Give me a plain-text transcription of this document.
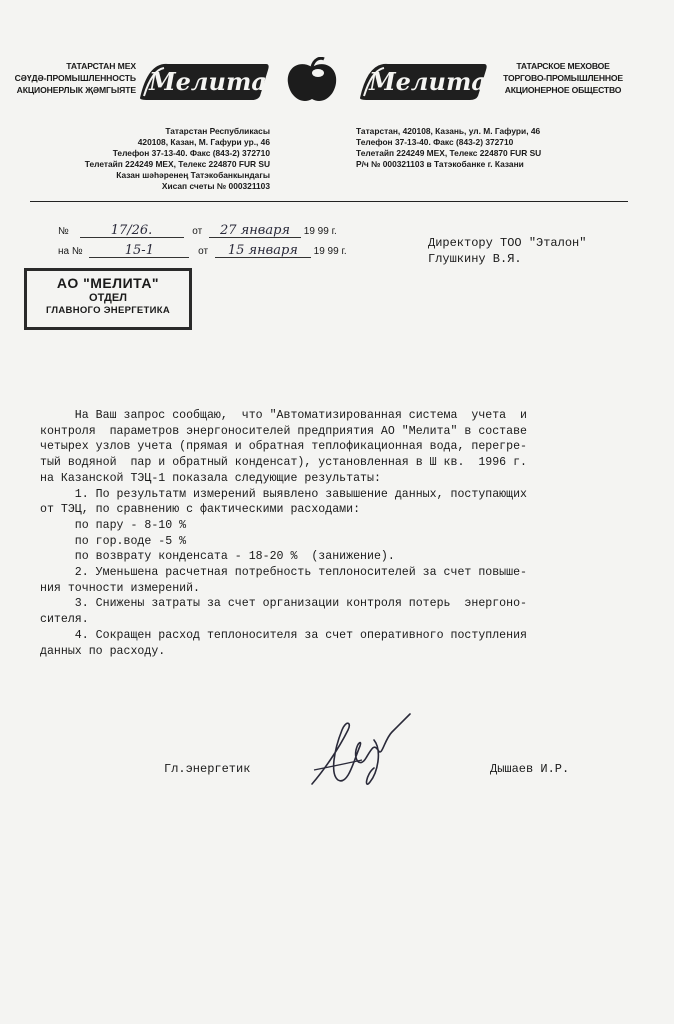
ТАТАРСТАН МЕХ
СӘҮДӘ-ПРОМЫШЛЕННОСТЬ
АКЦИОНЕРЛЫК ҖӘМГЫЯТЕ Мелита	Мелита
ТАТАРСКОЕ МЕХОВОЕ
ТОРГОВО-ПРОМЫШЛЕННОЕ
АКЦИОНЕРНОЕ ОБЩЕСТВО
Татарстан Республикасы
420108, Казан, М. Гафури ур., 46
Телефон 37-13-40. Факс (843-2) 372710
Телетайп 224249 МЕХ, Телекс 224870 FUR SU
Казан шәһәренең Татэкобанкындагы
Хисап счеты № 000321103
Татарстан, 420108, Казань, ул. М. Гафури, 46
Телефон 37-13-40. Факс (843-2) 372710
Телетайп 224249 МЕХ, Телекс 224870 FUR SU
Р/ч № 000321103 в Татэкобанке г. Казани
№	17/26.	от 27 января 19 99 г.
на №	15-1	от 15 января 19 99 г.
Директору ТОО "Эталон"
Глушкину В.Я.
АО "МЕЛИТА"
ОТДЕЛ
ГЛАВНОГО ЭНЕРГЕТИКА
На Ваш запрос сообщаю,  что "Автоматизированная система  учета  и
контроля  параметров энергоносителей предприятия АО "Мелита" в составе
четырех узлов учета (прямая и обратная теплофикационная вода, перегре-
тый водяной  пар и обратный конденсат), установленная в Ш кв.  1996 г.
на Казанской ТЭЦ-1 показала следующие результаты:
1. По результатм измерений выявлено завышение данных, поступающих
от ТЭЦ, по сравнению с фактическими расходами:
по пару - 8-10 %
по гор.воде -5 %
по возврату конденсата - 18-20 %  (занижение).
2. Уменьшена расчетная потребность теплоносителей за счет повыше-
ния точности измерений.
3. Снижены затраты за счет организации контроля потерь  энергоно-
сителя.
4. Сокращен расход теплоносителя за счет оперативного поступления
данных по расходу.
Гл.энергетик	Дышаев И.Р.
